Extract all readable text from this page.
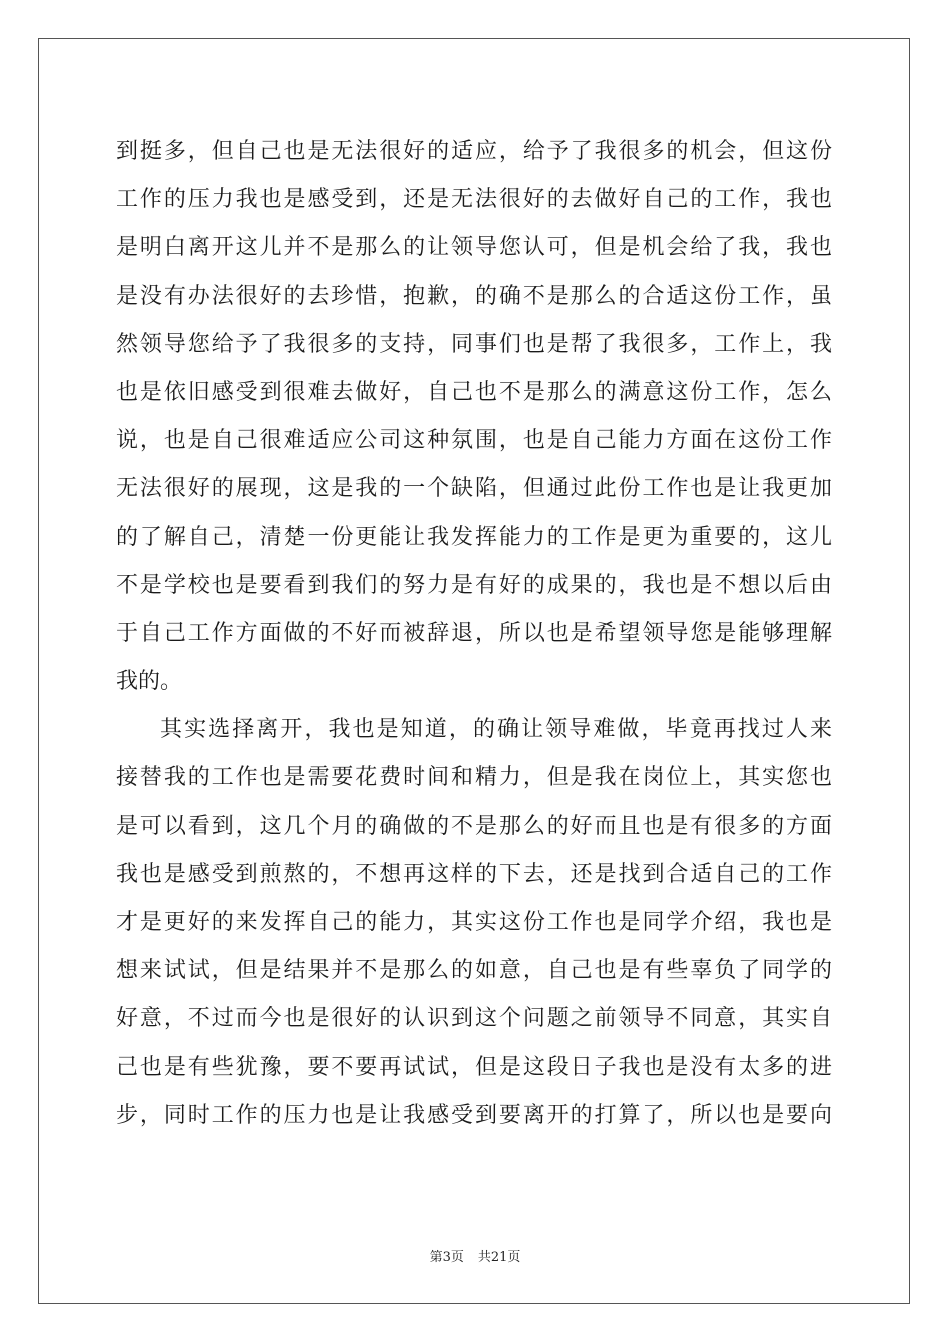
到挺多，但自己也是无法很好的适应，给予了我很多的机会，但这份
工作的压力我也是感受到，还是无法很好的去做好自己的工作，我也
是明白离开这儿并不是那么的让领导您认可，但是机会给了我，我也
是没有办法很好的去珍惜，抱歉，的确不是那么的合适这份工作，虽
然领导您给予了我很多的支持，同事们也是帮了我很多，工作上，我
也是依旧感受到很难去做好，自己也不是那么的满意这份工作，怎么
说，也是自己很难适应公司这种氛围，也是自己能力方面在这份工作
无法很好的展现，这是我的一个缺陷，但通过此份工作也是让我更加
的了解自己，清楚一份更能让我发挥能力的工作是更为重要的，这儿
不是学校也是要看到我们的努力是有好的成果的，我也是不想以后由
于自己工作方面做的不好而被辞退，所以也是希望领导您是能够理解
我的。
其实选择离开，我也是知道，的确让领导难做，毕竟再找过人来
接替我的工作也是需要花费时间和精力，但是我在岗位上，其实您也
是可以看到，这几个月的确做的不是那么的好而且也是有很多的方面
我也是感受到煎熬的，不想再这样的下去，还是找到合适自己的工作
才是更好的来发挥自己的能力，其实这份工作也是同学介绍，我也是
想来试试，但是结果并不是那么的如意，自己也是有些辜负了同学的
好意，不过而今也是很好的认识到这个问题之前领导不同意，其实自
己也是有些犹豫，要不要再试试，但是这段日子我也是没有太多的进
步，同时工作的压力也是让我感受到要离开的打算了，所以也是要向
第3页 共21页
